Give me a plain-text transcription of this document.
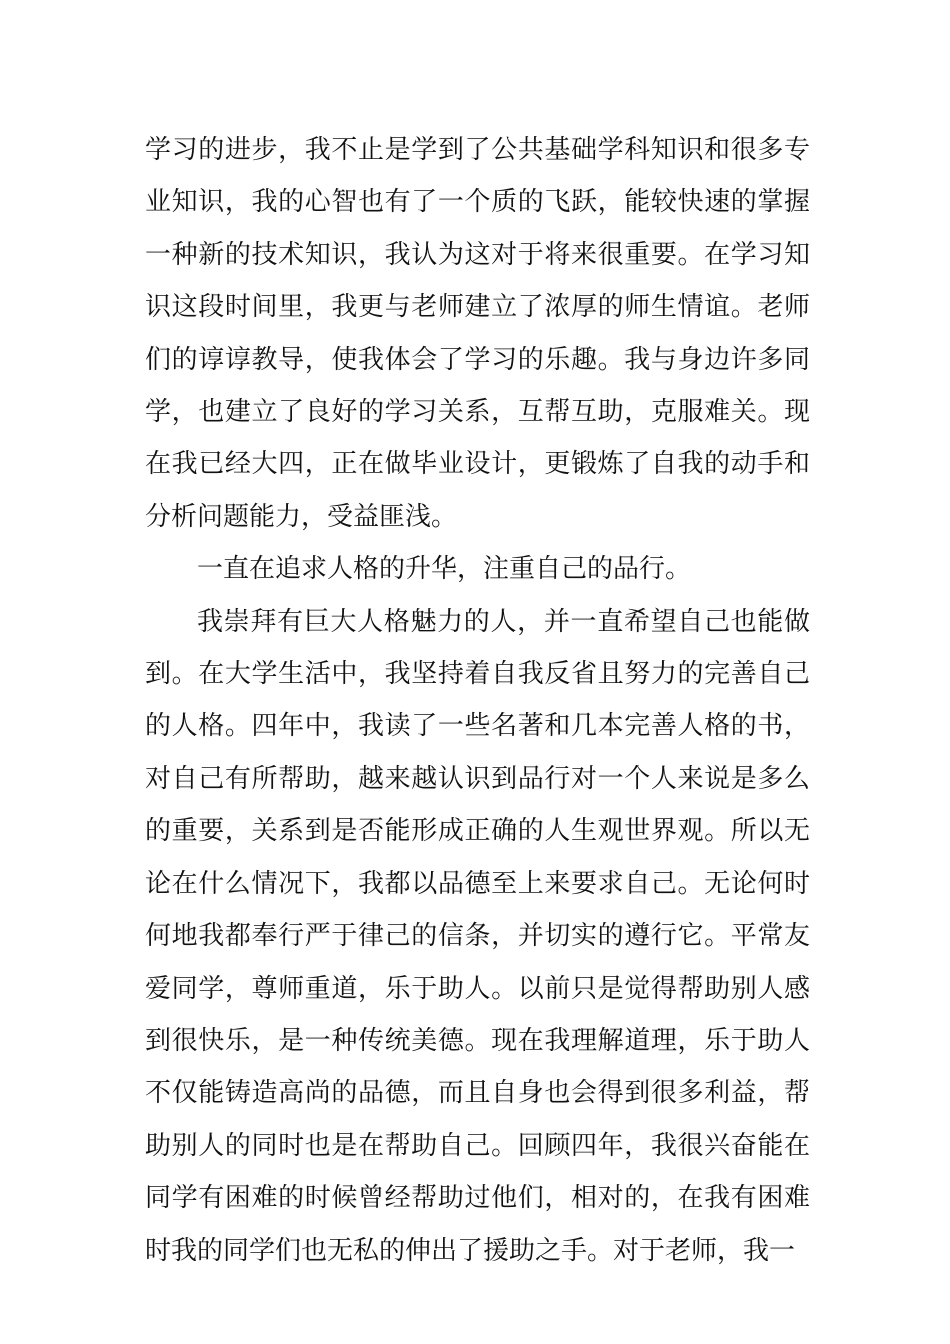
学习的进步，我不止是学到了公共基础学科知识和很多专业知识，我的心智也有了一个质的飞跃，能较快速的掌握一种新的技术知识，我认为这对于将来很重要。在学习知识这段时间里，我更与老师建立了浓厚的师生情谊。老师们的谆谆教导，使我体会了学习的乐趣。我与身边许多同学，也建立了良好的学习关系，互帮互助，克服难关。现在我已经大四，正在做毕业设计，更锻炼了自我的动手和分析问题能力，受益匪浅。

一直在追求人格的升华，注重自己的品行。

我崇拜有巨大人格魅力的人，并一直希望自己也能做到。在大学生活中，我坚持着自我反省且努力的完善自己的人格。四年中，我读了一些名著和几本完善人格的书，对自己有所帮助，越来越认识到品行对一个人来说是多么的重要，关系到是否能形成正确的人生观世界观。所以无论在什么情况下，我都以品德至上来要求自己。无论何时何地我都奉行严于律己的信条，并切实的遵行它。平常友爱同学，尊师重道，乐于助人。以前只是觉得帮助别人感到很快乐，是一种传统美德。现在我理解道理，乐于助人不仅能铸造高尚的品德，而且自身也会得到很多利益，帮助别人的同时也是在帮助自己。回顾四年，我很兴奋能在同学有困难的时候曾经帮助过他们，相对的，在我有困难时我的同学们也无私的伸出了援助之手。对于老师，我一
